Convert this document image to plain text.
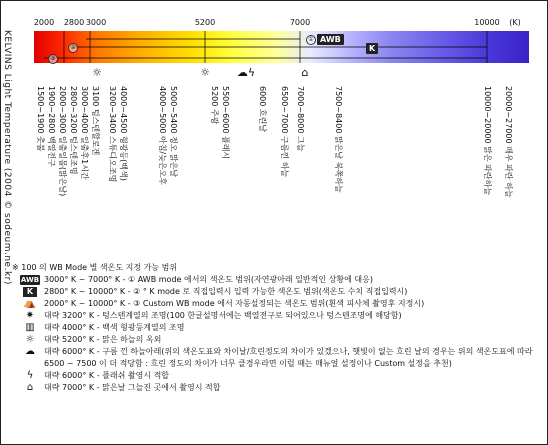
KELVINS Light Temperature (2004 © sodeum.ne.kr)
2000 2800 3000	5200	7000	10000 (K)
① AWB
②	K
③
☼	☼ ☁ϟ	⌂
1500~1900 촛불 1900~2800 백열전구 2000~3000 일출일몰(맑은날) 2800~3200 텅스텐조명 3000~4000 일출후1시간 3100 텅스텐할로겐 3200~3400 스튜디오조명 4000~4500 형광등(백색)	4000~5000 아침/늦은오후 5000~5400 정오 맑은날	5200 주광 5500~6000 플래시	6000 흐린날 6500~7000 구름낀 하늘 7000~8000 그늘	7500~8400 맑은날 북쪽하늘	10000~20000 맑은 파란하늘 20000~27000 매우 파란 하늘
※ 100 의 WB Mode 별 색온도 지정 가능 범위
AWB 3000° K ~ 7000° K - ① AWB mode 에서의 색온도 범위(자연광아래 일반적인 상황에 대응)
K	2800° K ~ 10000° K - ② ° K mode 로 직접입력시 입력 가능한 색온도 범위(색온도 수치 직접입력시)
⛺ 2000° K ~ 10000° K - ③ Custom WB mode 에서 자동설정되는 색온도 범위(흰색 피사체 촬영후 지정시)
✷	대략 3200° K - 텅스텐계열의 조명(100 한글설명서에는 백열전구로 되어있으나 텅스텐조명에 해당함)
▥	대략 4000° K - 백색 형광등계열의 조명
☼	대략 5200° K - 맑은 하늘의 옥외
☁	대략 6000° K - 구름 낀 하늘아래(위의 색온도표와 차이날/흐린정도의 차이가 있겠으나, 햇빛이 없는 흐린 날의 경우는 위의 색온도표에 따라 6500 ~ 7500 이 더 적당함 : 흐린 정도의 차이가 너무 클경우라면 이럴 때는 매뉴얼 설정이나 Custom 설정을 추천)
ϟ	대략 6000° K - 플래쉬 촬영시 적합
⌂	대략 7000° K - 맑은날 그늘진 곳에서 촬영시 적합
